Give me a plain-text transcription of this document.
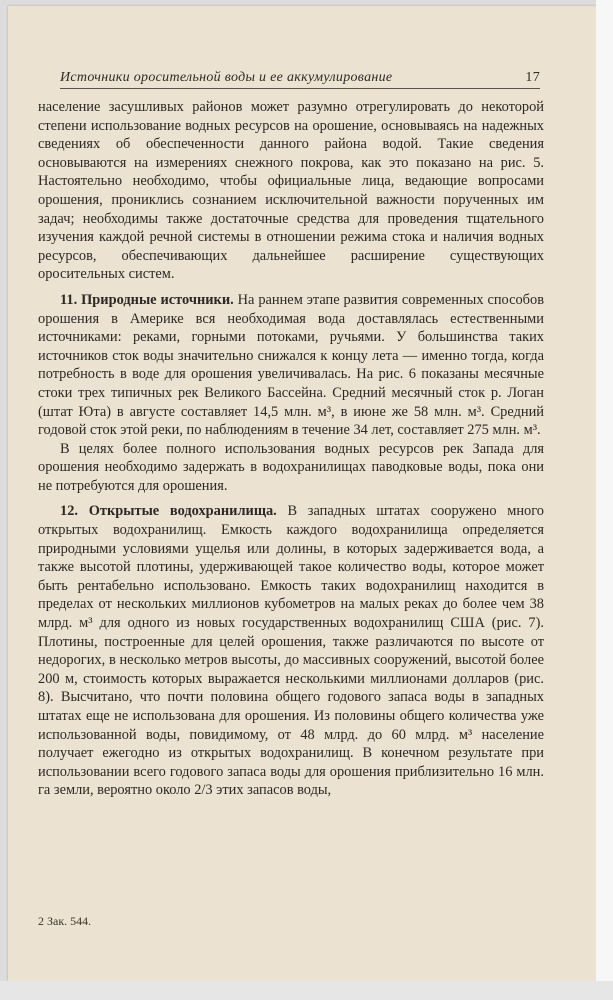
Источники оросительной воды и ее аккумулирование	17

население засушливых районов может разумно отрегулировать до некоторой степени использование водных ресурсов на орошение, основываясь на надежных сведениях об обеспеченности данного района водой. Такие сведения основываются на измерениях снежного покрова, как это показано на рис. 5. Настоятельно необходимо, чтобы официальные лица, ведающие вопросами орошения, прониклись сознанием исключительной важности порученных им задач; необходимы также достаточные средства для проведения тщательного изучения каждой речной системы в отношении режима стока и наличия водных ресурсов, обеспечивающих дальнейшее расширение существующих оросительных систем.

11. Природные источники. На раннем этапе развития современных способов орошения в Америке вся необходимая вода доставлялась естественными источниками: реками, горными потоками, ручьями. У большинства таких источников сток воды значительно снижался к концу лета — именно тогда, когда потребность в воде для орошения увеличивалась. На рис. 6 показаны месячные стоки трех типичных рек Великого Бассейна. Средний месячный сток р. Логан (штат Юта) в августе составляет 14,5 млн. м³, в июне же 58 млн. м³. Средний годовой сток этой реки, по наблюдениям в течение 34 лет, составляет 275 млн. м³.

В целях более полного использования водных ресурсов рек Запада для орошения необходимо задержать в водохранилищах паводковые воды, пока они не потребуются для орошения.

12. Открытые водохранилища. В западных штатах сооружено много открытых водохранилищ. Емкость каждого водохранилища определяется природными условиями ущелья или долины, в которых задерживается вода, а также высотой плотины, удерживающей такое количество воды, которое может быть рентабельно использовано. Емкость таких водохранилищ находится в пределах от нескольких миллионов кубометров на малых реках до более чем 38 млрд. м³ для одного из новых государственных водохранилищ США (рис. 7). Плотины, построенные для целей орошения, также различаются по высоте от недорогих, в несколько метров высоты, до массивных сооружений, высотой более 200 м, стоимость которых выражается несколькими миллионами долларов (рис. 8). Высчитано, что почти половина общего годового запаса воды в западных штатах еще не использована для орошения. Из половины общего количества уже использованной воды, повидимому, от 48 млрд. до 60 млрд. м³ население получает ежегодно из открытых водохранилищ. В конечном результате при использовании всего годового запаса воды для орошения приблизительно 16 млн. га земли, вероятно около 2/3 этих запасов воды,

2 Зак. 544.
